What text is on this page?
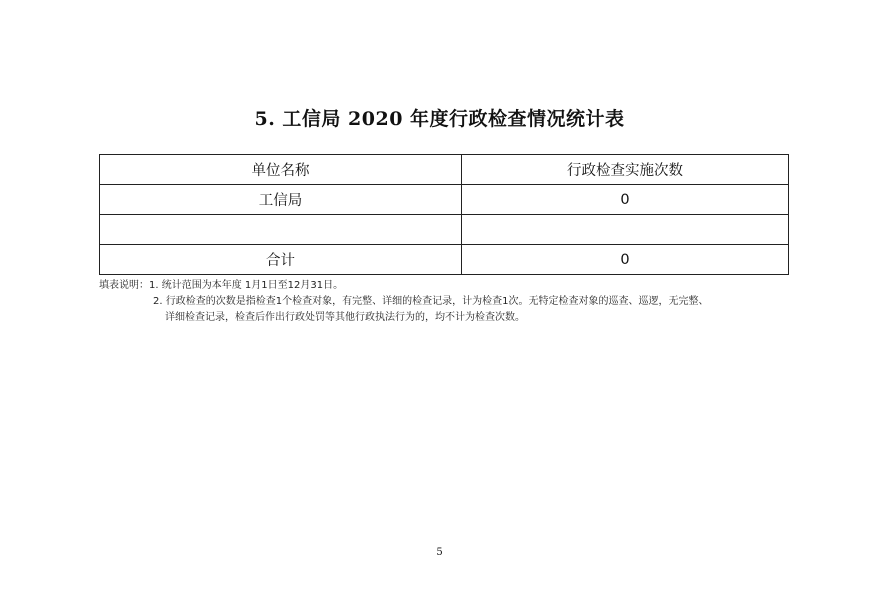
5. 工信局 2020 年度行政检查情况统计表
单位名称	行政检查实施次数
工信局	0

合计	0
填表说明：1. 统计范围为本年度 1月1日至12月31日。
2. 行政检查的次数是指检查1个检查对象，有完整、详细的检查记录，计为检查1次。无特定检查对象的巡查、巡逻，无完整、
详细检查记录，检查后作出行政处罚等其他行政执法行为的，均不计为检查次数。
5
